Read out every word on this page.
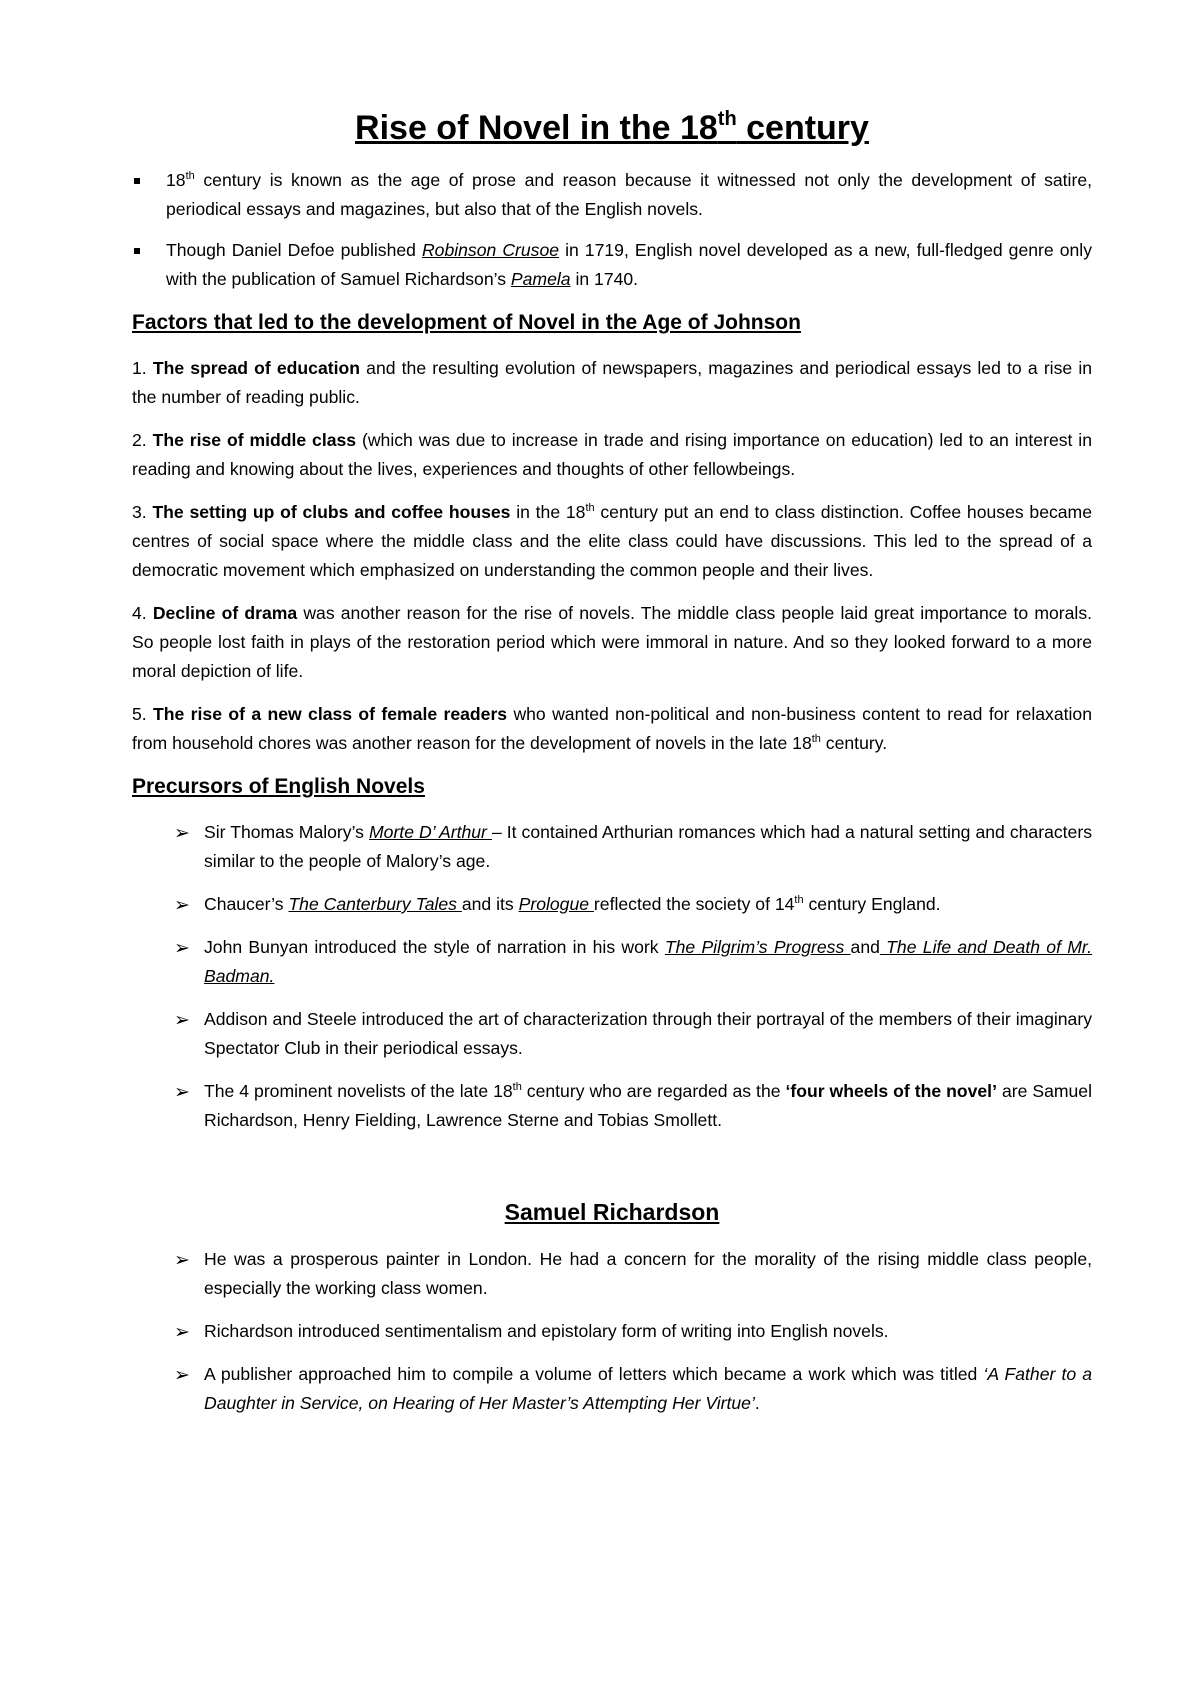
Rise of Novel in the 18th century

18th century is known as the age of prose and reason because it witnessed not only the development of satire, periodical essays and magazines, but also that of the English novels.

Though Daniel Defoe published Robinson Crusoe in 1719, English novel developed as a new, full-fledged genre only with the publication of Samuel Richardson’s Pamela in 1740.

Factors that led to the development of Novel in the Age of Johnson

1. The spread of education and the resulting evolution of newspapers, magazines and periodical essays led to a rise in the number of reading public.

2. The rise of middle class (which was due to increase in trade and rising importance on education) led to an interest in reading and knowing about the lives, experiences and thoughts of other fellowbeings.

3. The setting up of clubs and coffee houses in the 18th century put an end to class distinction. Coffee houses became centres of social space where the middle class and the elite class could have discussions. This led to the spread of a democratic movement which emphasized on understanding the common people and their lives.

4. Decline of drama was another reason for the rise of novels. The middle class people laid great importance to morals. So people lost faith in plays of the restoration period which were immoral in nature. And so they looked forward to a more moral depiction of life.

5. The rise of a new class of female readers who wanted non-political and non-business content to read for relaxation from household chores was another reason for the development of novels in the late 18th century.

Precursors of English Novels
➢ Sir Thomas Malory’s Morte D’ Arthur – It contained Arthurian romances which had a natural setting and characters similar to the people of Malory’s age.

➢ Chaucer’s The Canterbury Tales and its Prologue reflected the society of 14th century England.

➢ John Bunyan introduced the style of narration in his work The Pilgrim’s Progress and The Life and Death of Mr. Badman.

➢ Addison and Steele introduced the art of characterization through their portrayal of the members of their imaginary Spectator Club in their periodical essays.

➢ The 4 prominent novelists of the late 18th century who are regarded as the ‘four wheels of the novel’ are Samuel Richardson, Henry Fielding, Lawrence Sterne and Tobias Smollett.

Samuel Richardson
➢ He was a prosperous painter in London. He had a concern for the morality of the rising middle class people, especially the working class women.

➢ Richardson introduced sentimentalism and epistolary form of writing into English novels.

➢ A publisher approached him to compile a volume of letters which became a work which was titled ‘A Father to a Daughter in Service, on Hearing of Her Master’s Attempting Her Virtue’.
